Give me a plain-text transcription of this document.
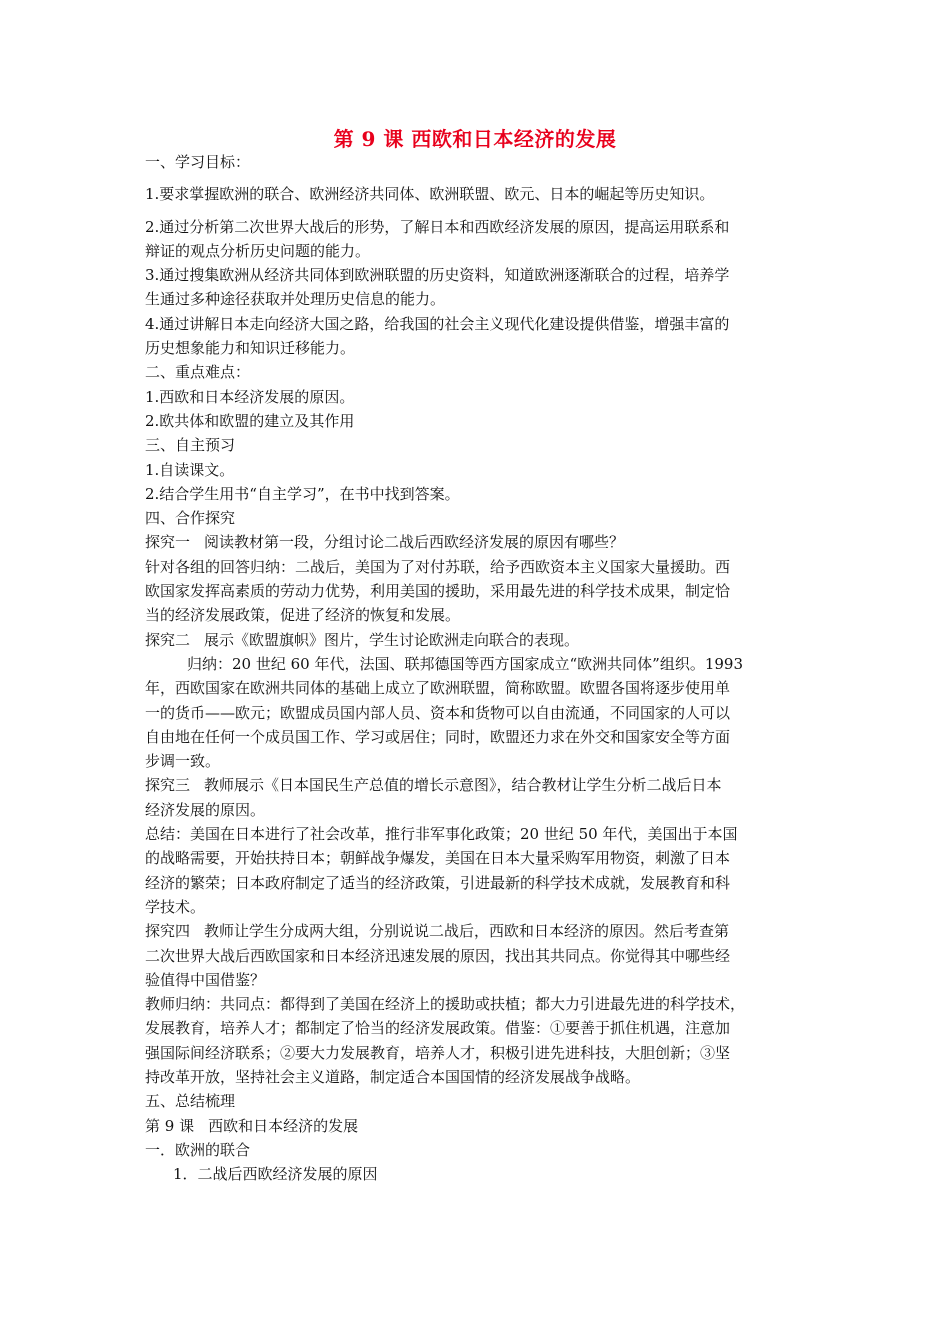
第 9 课 西欧和日本经济的发展
一、学习目标：
1.要求掌握欧洲的联合、欧洲经济共同体、欧洲联盟、欧元、日本的崛起等历史知识。
2.通过分析第二次世界大战后的形势，了解日本和西欧经济发展的原因，提高运用联系和
辩证的观点分析历史问题的能力。
3.通过搜集欧洲从经济共同体到欧洲联盟的历史资料，知道欧洲逐渐联合的过程，培养学
生通过多种途径获取并处理历史信息的能力。
4.通过讲解日本走向经济大国之路，给我国的社会主义现代化建设提供借鉴，增强丰富的
历史想象能力和知识迁移能力。
二、重点难点：
1.西欧和日本经济发展的原因。
2.欧共体和欧盟的建立及其作用
三、自主预习
1.自读课文。
2.结合学生用书“自主学习”，在书中找到答案。
四、合作探究
探究一 阅读教材第一段，分组讨论二战后西欧经济发展的原因有哪些？
针对各组的回答归纳：二战后，美国为了对付苏联，给予西欧资本主义国家大量援助。西
欧国家发挥高素质的劳动力优势，利用美国的援助，采用最先进的科学技术成果，制定恰
当的经济发展政策，促进了经济的恢复和发展。
探究二 展示《欧盟旗帜》图片，学生讨论欧洲走向联合的表现。
归纳：20 世纪 60 年代，法国、联邦德国等西方国家成立“欧洲共同体”组织。1993
年，西欧国家在欧洲共同体的基础上成立了欧洲联盟，简称欧盟。欧盟各国将逐步使用单
一的货币——欧元；欧盟成员国内部人员、资本和货物可以自由流通，不同国家的人可以
自由地在任何一个成员国工作、学习或居住；同时，欧盟还力求在外交和国家安全等方面
步调一致。
探究三 教师展示《日本国民生产总值的增长示意图》，结合教材让学生分析二战后日本
经济发展的原因。
总结：美国在日本进行了社会改革，推行非军事化政策；20 世纪 50 年代，美国出于本国
的战略需要，开始扶持日本；朝鲜战争爆发，美国在日本大量采购军用物资，刺激了日本
经济的繁荣；日本政府制定了适当的经济政策，引进最新的科学技术成就，发展教育和科
学技术。
探究四 教师让学生分成两大组，分别说说二战后，西欧和日本经济的原因。然后考查第
二次世界大战后西欧国家和日本经济迅速发展的原因，找出其共同点。你觉得其中哪些经
验值得中国借鉴？
教师归纳：共同点：都得到了美国在经济上的援助或扶植；都大力引进最先进的科学技术，
发展教育，培养人才；都制定了恰当的经济发展政策。借鉴：①要善于抓住机遇，注意加
强国际间经济联系；②要大力发展教育，培养人才，积极引进先进科技，大胆创新；③坚
持改革开放，坚持社会主义道路，制定适合本国国情的经济发展战争战略。
五、总结梳理
第 9 课 西欧和日本经济的发展
一．欧洲的联合
1．二战后西欧经济发展的原因
